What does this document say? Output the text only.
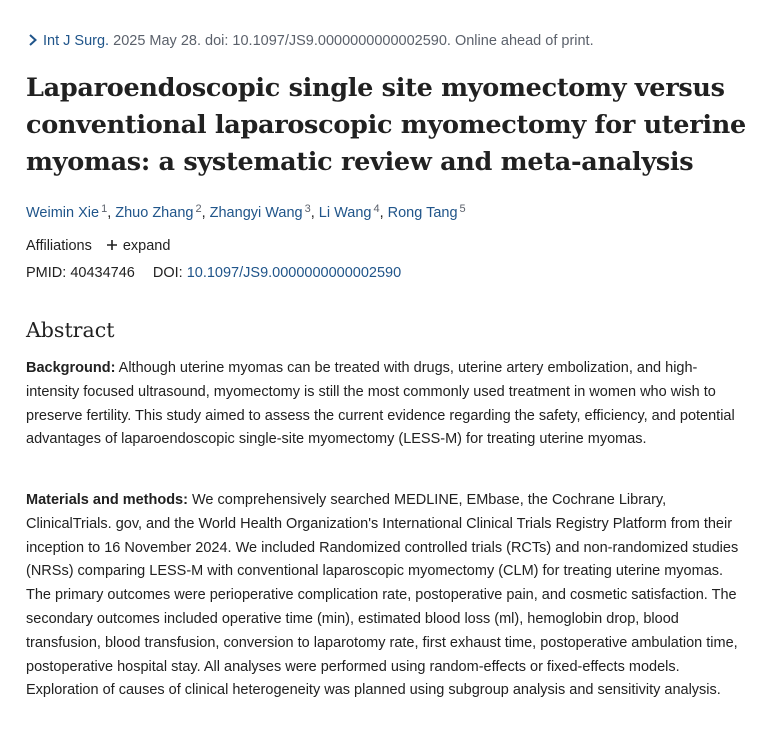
Int J Surg. 2025 May 28. doi: 10.1097/JS9.0000000000002590. Online ahead of print.
Laparoendoscopic single site myomectomy versus conventional laparoscopic myomectomy for uterine myomas: a systematic review and meta-analysis
Weimin Xie $^1$, Zhuo Zhang $^2$, Zhangyi Wang $^3$, Li Wang $^4$, Rong Tang $^5$
Affiliations expand
PMID: 40434746 DOI: 10.1097/JS9.0000000000002590
Abstract

Background: Although uterine myomas can be treated with drugs, uterine artery embolization, and high-intensity focused ultrasound, myomectomy is still the most commonly used treatment in women who wish to preserve fertility. This study aimed to assess the current evidence regarding the safety, efficiency, and potential advantages of laparoendoscopic single-site myomectomy (LESS-M) for treating uterine myomas.

Materials and methods: We comprehensively searched MEDLINE, EMbase, the Cochrane Library, ClinicalTrials. gov, and the World Health Organization's International Clinical Trials Registry Platform from their inception to 16 November 2024. We included Randomized controlled trials (RCTs) and non-randomized studies (NRSs) comparing LESS-M with conventional laparoscopic myomectomy (CLM) for treating uterine myomas. The primary outcomes were perioperative complication rate, postoperative pain, and cosmetic satisfaction. The secondary outcomes included operative time (min), estimated blood loss (ml), hemoglobin drop, blood transfusion, blood transfusion, conversion to laparotomy rate, first exhaust time, postoperative ambulation time, postoperative hospital stay. All analyses were performed using random-effects or fixed-effects models. Exploration of causes of clinical heterogeneity was planned using subgroup analysis and sensitivity analysis.
